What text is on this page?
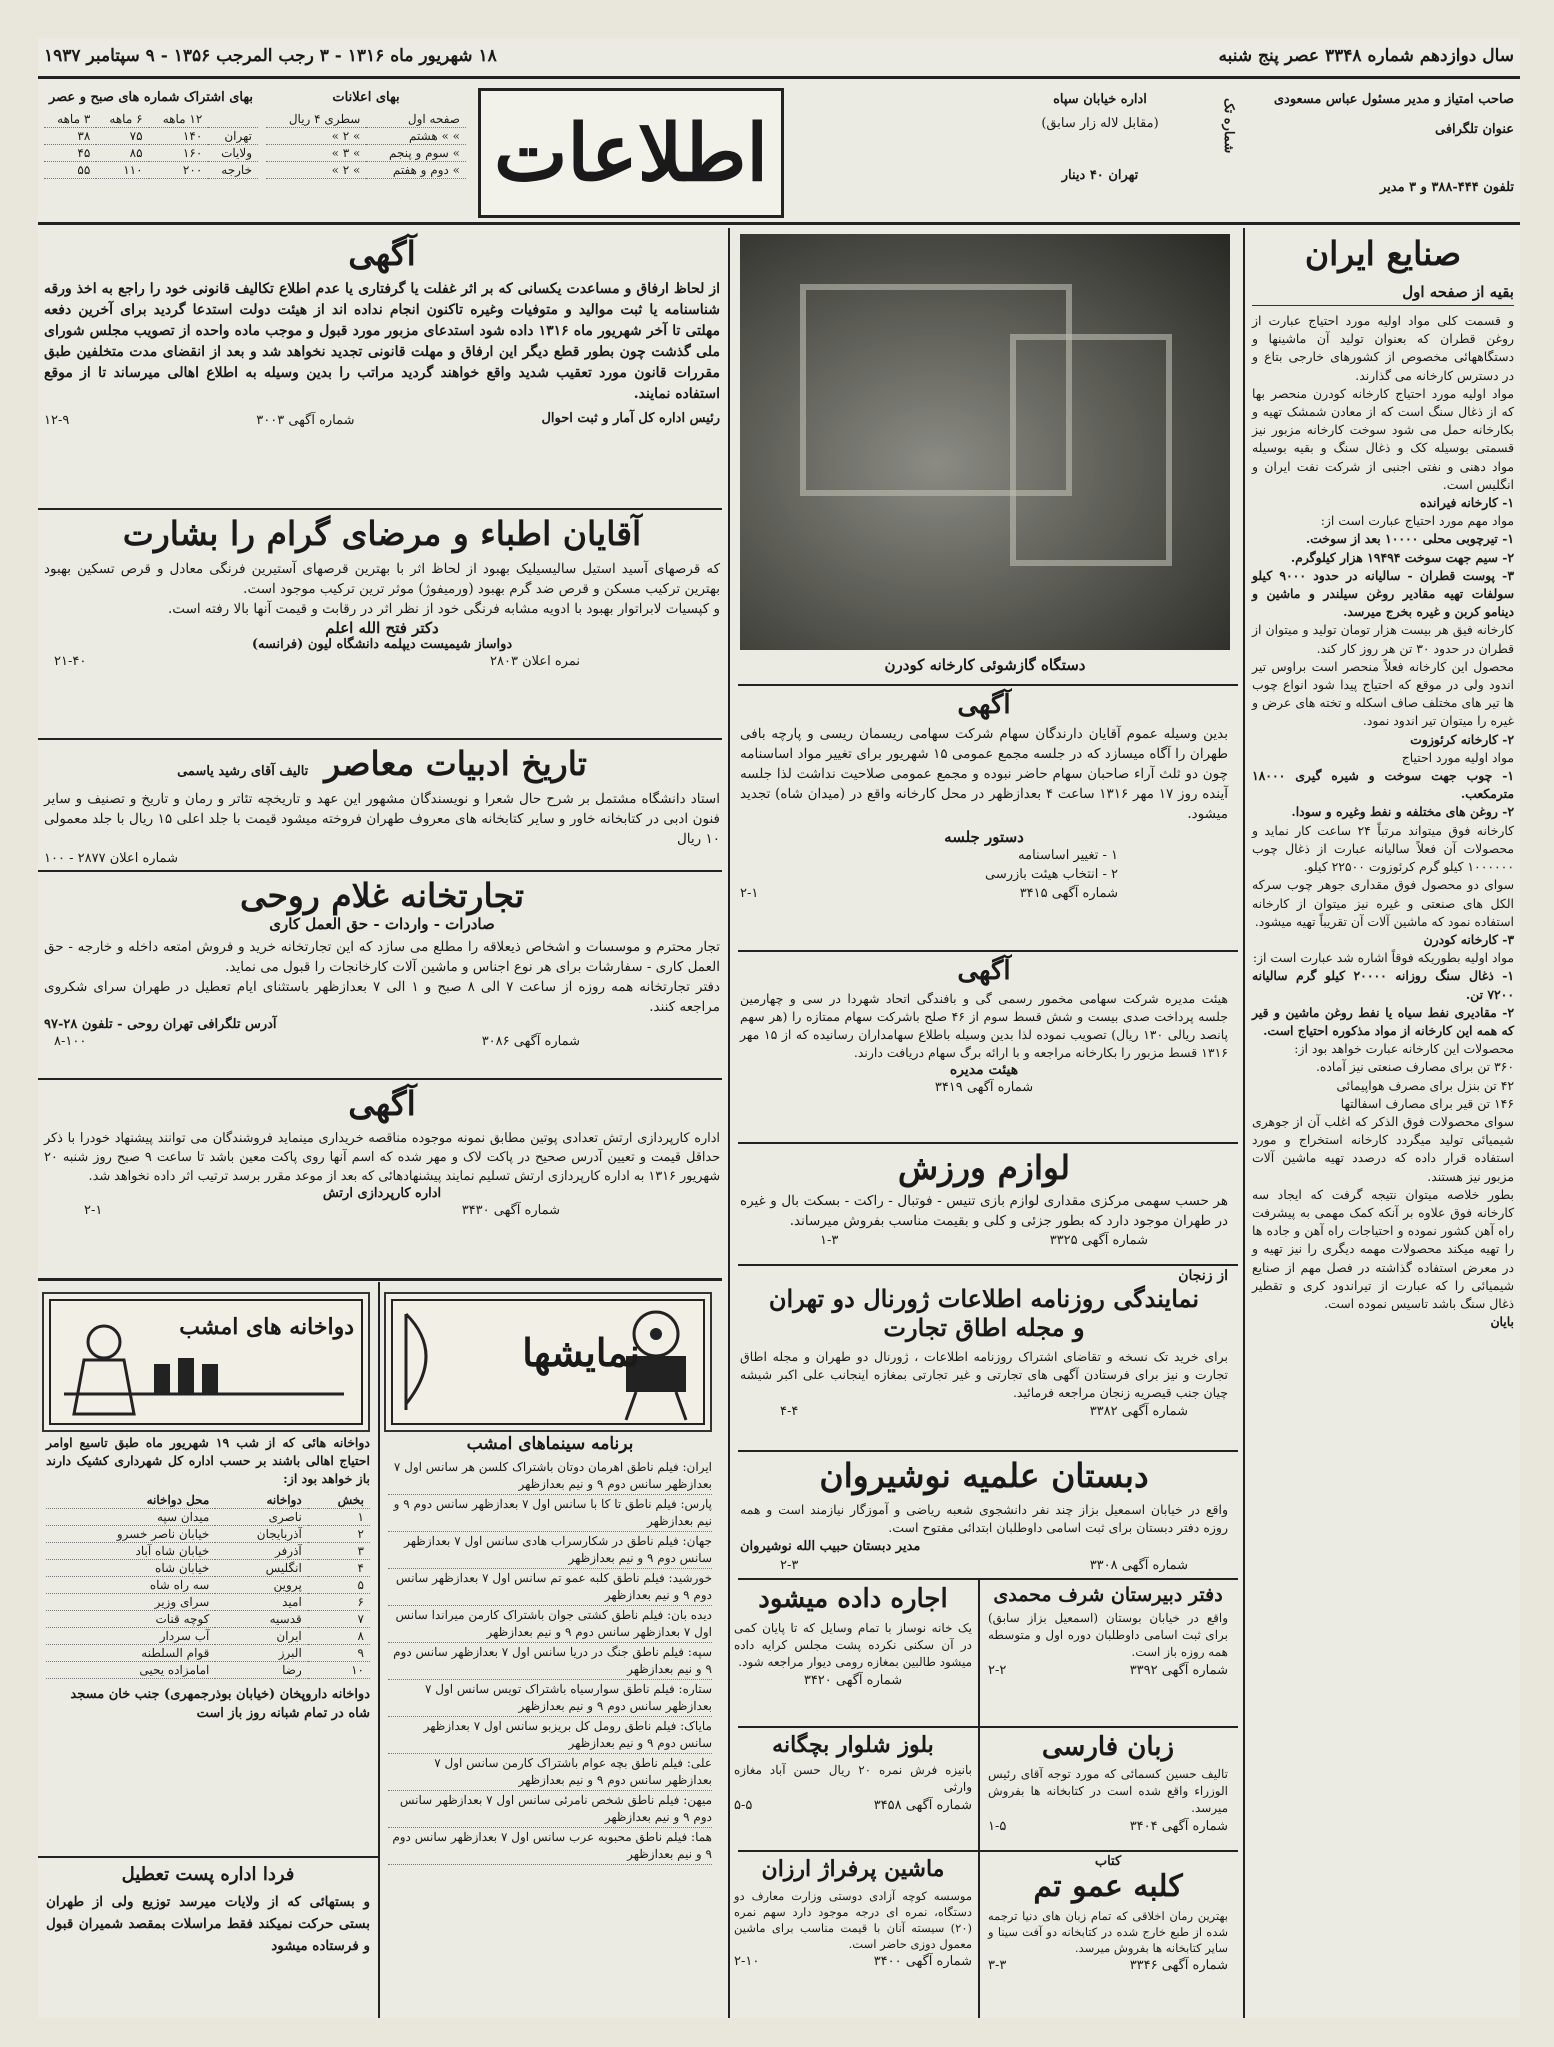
سال دوازدهم شماره ۳۳۴۸ عصر پنج شنبه
۱۸ شهریور ماه ۱۳۱۶ - ۳ رجب المرجب ۱۳۵۶ - ۹ سپتامبر ۱۹۳۷
صاحب امتیاز و مدیر مسئول عباس مسعودی
عنوان تلگرافی
تلفون ۴۴۴-۳۸۸ و ۳ مدیر
شماره تک
اداره خیابان سپاه
(مقابل لاله زار سابق)
تهران ۴۰ دینار
اطلاعات
بهای اعلانات
صفحه اول	سطری ۴ ریال
» » هشتم	» ۲ »
» سوم و پنجم	» ۳ »
» دوم و هفتم	» ۲ »
بهای اشتراک شماره های صبح و عصر
	۱۲ ماهه	۶ ماهه	۳ ماهه
تهران	۱۴۰	۷۵	۳۸
ولایات	۱۶۰	۸۵	۴۵
خارجه	۲۰۰	۱۱۰	۵۵
صنایع ایران
بقیه از صفحه اول
و قسمت کلی مواد اولیه مورد احتیاج عبارت از روغن قطران که بعنوان تولید آن ماشینها و دستگاههائی مخصوص از کشورهای خارجی بتاع و در دسترس کارخانه می گذارند.
مواد اولیه مورد احتیاج کارخانه کودرن منحصر بها که از ذغال سنگ است که از معادن شمشک تهیه و بکارخانه حمل می شود سوخت کارخانه مزبور نیز قسمتی بوسیله کک و ذغال سنگ و بقیه بوسیله مواد دهنی و نفتی اجنبی از شرکت نفت ایران و انگلیس است.
۱- کارخانه فیرانده
مواد مهم مورد احتیاج عبارت است از:
۱- تیرچوبی محلی ۱۰۰۰۰ بعد از سوخت.
۲- سیم جهت سوخت ۱۹۴۹۴ هزار کیلوگرم.
۳- پوست قطران - سالیانه در حدود ۹۰۰۰ کیلو سولفات تهیه مقادیر روغن سیلندر و ماشین و دینامو کربن و غیره بخرج میرسد.
کارخانه فیق هر بیست هزار تومان تولید و میتوان از قطران در حدود ۳۰ تن هر روز کار کند.
محصول این کارخانه فعلاً منحصر است براوس تیر اندود ولی در موقع که احتیاج پیدا شود انواع چوب ها تیر های مختلف صاف اسکله و تخته های عرض و غیره را میتوان تیر اندود نمود.
۲- کارخانه کرئوزوت
مواد اولیه مورد احتیاج
۱- چوب جهت سوخت و شیره گیری ۱۸۰۰۰ مترمکعب.
۲- روغن های مختلفه و نفط وغیره و سودا.
کارخانه فوق میتواند مرتباً ۲۴ ساعت کار نماید و محصولات آن فعلاً سالیانه عبارت از ذغال چوب ۱۰۰۰۰۰۰ کیلو گرم کرئوزوت ۲۲۵۰۰ کیلو.
سوای دو محصول فوق مقداری جوهر چوب سرکه الکل های صنعتی و غیره نیز میتوان از کارخانه استفاده نمود که ماشین آلات آن تقریباً تهیه میشود.
۳- کارخانه کودرن
مواد اولیه بطوریکه فوقاً اشاره شد عبارت است از:
۱- ذغال سنگ روزانه ۲۰۰۰۰ کیلو گرم سالیانه ۷۲۰۰ تن.
۲- مقادیری نفط سیاه یا نفط روغن ماشین و قیر که همه این کارخانه از مواد مذکوره احتیاج است.
محصولات این کارخانه عبارت خواهد بود از:
۳۶۰ تن برای مصارف صنعتی نیز آماده.
۴۲ تن بنزل برای مصرف هواپیمائی
۱۴۶ تن قیر برای مصارف اسفالتها
سوای محصولات فوق الذکر که اغلب آن از جوهری شیمیائی تولید میگردد کارخانه استخراج و مورد استفاده قرار داده که درصدد تهیه ماشین آلات مزبور نیز هستند.
بطور خلاصه میتوان نتیجه گرفت که ایجاد سه کارخانه فوق علاوه بر آنکه کمک مهمی به پیشرفت راه آهن کشور نموده و احتیاجات راه آهن و جاده ها را تهیه میکند محصولات مهمه دیگری را نیز تهیه و در معرض استفاده گذاشته در فصل مهم از صنایع شیمیائی را که عبارت از تیراندود کری و تقطیر ذغال سنگ باشد تاسیس نموده است.
بایان
دستگاه گازشوئی کارخانه کودرن
آگهی
بدین وسیله عموم آقایان دارندگان سهام شرکت سهامی ریسمان ریسی و پارچه بافی طهران را آگاه میسازد که در جلسه مجمع عمومی ۱۵ شهریور برای تغییر مواد اساسنامه چون دو ثلث آراء صاحبان سهام حاضر نبوده و مجمع عمومی صلاحیت نداشت لذا جلسه آینده روز ۱۷ مهر ۱۳۱۶ ساعت ۴ بعدازظهر در محل کارخانه واقع در (میدان شاه) تجدید میشود.
دستور جلسه
۱ - تغییر اساسنامه
۲ - انتخاب هیئت بازرسی
شماره آگهی ۳۴۱۵
۲-۱
آگهی
هیئت مدیره شرکت سهامی مخمور رسمی گی و بافندگی اتحاد شهردا در سی و چهارمین جلسه پرداخت صدی بیست و شش قسط سوم از ۴۶ صلح باشرکت سهام ممتازه را (هر سهم پانصد ریالی ۱۳۰ ریال) تصویب نموده لذا بدین وسیله باطلاع سهامداران رسانیده که از ۱۵ مهر ۱۳۱۶ قسط مزبور را بکارخانه مراجعه و با ارائه برگ سهام دریافت دارند.
هیئت مدیره
شماره آگهی ۳۴۱۹
لوازم ورزش
هر حسب سهمی مرکزی مقداری لوازم بازی تنیس - فوتبال - راکت - بسکت بال و غیره در طهران موجود دارد که بطور جزئی و کلی و بقیمت مناسب بفروش میرساند.
شماره آگهی ۳۳۲۵
۱-۳
از زنجان
نمایندگی روزنامه اطلاعات ژورنال دو تهران
و مجله اطاق تجارت
برای خرید تک نسخه و تقاضای اشتراک روزنامه اطلاعات ، ژورنال دو طهران و مجله اطاق تجارت و نیز برای فرستادن آگهی های تجارتی و غیر تجارتی بمغازه اینجانب علی اکبر شیشه چیان جنب قیصریه زنجان مراجعه فرمائید.
شماره آگهی ۳۳۸۲
۴-۴
دبستان علمیه نوشیروان
واقع در خیابان اسمعیل بزاز چند نفر دانشجوی شعبه ریاضی و آموزگار نیازمند است و همه روزه دفتر دبستان برای ثبت اسامی داوطلبان ابتدائی مفتوح است.
مدیر دبستان حبیب الله نوشیروان
شماره آگهی ۳۳۰۸
۲-۳
دفتر دبیرستان شرف محمدی
واقع در خیابان بوستان (اسمعیل بزاز سابق) برای ثبت اسامی داوطلبان دوره اول و متوسطه همه روزه باز است.
شماره آگهی ۳۳۹۲
۲-۲
اجاره داده میشود
یک خانه نوساز با تمام وسایل که تا پایان کمی در آن سکنی نکرده پشت مجلس کرایه داده میشود طالبین بمغازه رومی دیوار مراجعه شود.
شماره آگهی ۳۴۲۰
زبان فارسی
تالیف حسین کسمائی که مورد توجه آقای رئیس الوزراء واقع شده است در کتابخانه ها بفروش میرسد.
شماره آگهی ۳۴۰۴
۱-۵
بلوز شلوار بچگانه
بانیزه فرش نمره ۲۰ ریال حسن آباد مغازه وارثی
شماره آگهی ۳۴۵۸
۵-۵
کتاب
کلبه عمو تم
بهترین رمان اخلاقی که تمام زبان های دنیا ترجمه شده از طبع خارج شده در کتابخانه دو آفت سینا و سایر کتابخانه ها بفروش میرسد.
شماره آگهی ۳۳۴۶
۳-۳
ماشین پرفراژ ارزان
موسسه کوچه آزادی دوستی وزارت معارف دو دستگاه، نمره ای درجه موجود دارد سهم نمره (۲۰) سیسته آنان با قیمت مناسب برای ماشین معمول دوزی حاضر است.
شماره آگهی ۳۴۰۰
۲-۱۰
آگهی
از لحاظ ارفاق و مساعدت یکسانی که بر اثر غفلت یا گرفتاری یا عدم اطلاع تکالیف قانونی خود را راجع به اخذ ورقه شناسنامه یا ثبت موالید و متوفیات وغیره تاکنون انجام نداده اند از هیئت دولت استدعا گردید برای آخرین دفعه مهلتی تا آخر شهریور ماه ۱۳۱۶ داده شود استدعای مزبور مورد قبول و موجب ماده واحده از تصویب مجلس شورای ملی گذشت چون بطور قطع دیگر این ارفاق و مهلت قانونی تجدید نخواهد شد و بعد از انقضای مدت متخلفین طبق مقررات قانون مورد تعقیب شدید واقع خواهند گردید مراتب را بدین وسیله به اطلاع اهالی میرساند تا از موقع استفاده نمایند.
رئیس اداره کل آمار و ثبت احوال
شماره آگهی ۳۰۰۳
۱۲-۹
آقایان اطباء و مرضای گرام را بشارت
که قرصهای آسید استیل سالیسیلیک بهبود از لحاظ اثر با بهترین قرصهای آستیرین فرنگی معادل و قرص تسکین بهبود بهترین ترکیب مسکن و قرص ضد گرم بهبود (ورمیفوژ) موثر ترین ترکیب موجود است.
و کپسیات لابراتوار بهبود با ادویه مشابه فرنگی خود از نظر اثر در رقابت و قیمت آنها بالا رفته است.
دکتر فتح الله اعلم
دواساز شیمیست دیپلمه دانشگاه لیون (فرانسه)
نمره اعلان ۲۸۰۳
۲۱-۴۰
تاریخ ادبیات معاصر
تالیف آقای رشید یاسمی
استاد دانشگاه مشتمل بر شرح حال شعرا و نویسندگان مشهور این عهد و تاریخچه تئاتر و رمان و تاریخ و تصنیف و سایر فنون ادبی در کتابخانه خاور و سایر کتابخانه های معروف طهران فروخته میشود قیمت با جلد اعلی ۱۵ ریال با جلد معمولی ۱۰ ریال
شماره اعلان ۲۸۷۷ - ۱۰۰
تجارتخانه غلام روحی
صادرات - واردات - حق العمل کاری
تجار محترم و موسسات و اشخاص ذیعلاقه را مطلع می سازد که این تجارتخانه خرید و فروش امتعه داخله و خارجه - حق العمل کاری - سفارشات برای هر نوع اجناس و ماشین آلات کارخانجات را قبول می نماید.
دفتر تجارتخانه همه روزه از ساعت ۷ الی ۸ صبح و ۱ الی ۷ بعدازظهر باستثنای ایام تعطیل در طهران سرای شکروی مراجعه کنند.
آدرس تلگرافی تهران روحی - تلفون ۲۸-۹۷
شماره آگهی ۳۰۸۶
۸-۱۰۰
آگهی
اداره کارپردازی ارتش تعدادی پوتین مطابق نمونه موجوده مناقصه خریداری مینماید فروشندگان می توانند پیشنهاد خودرا با ذکر حداقل قیمت و تعیین آدرس صحیح در پاکت لاک و مهر شده که اسم آنها روی پاکت معین باشد تا ساعت ۹ صبح روز شنبه ۲۰ شهریور ۱۳۱۶ به اداره کارپردازی ارتش تسلیم نمایند پیشنهادهائی که بعد از موعد مقرر برسد ترتیب اثر داده نخواهد شد.
اداره کارپردازی ارتش
شماره آگهی ۳۴۳۰
۲-۱
نمایشها
برنامه سینماهای امشب
ایران: فیلم ناطق اهرمان دوتان باشتراک کلسن هر سانس اول ۷ بعدازظهر سانس دوم ۹ و نیم بعدازظهر
پارس: فیلم ناطق تا کا با سانس اول ۷ بعدازظهر سانس دوم ۹ و نیم بعدازظهر
جهان: فیلم ناطق در شکارسراب هادی سانس اول ۷ بعدازظهر سانس دوم ۹ و نیم بعدازظهر
خورشید: فیلم ناطق کلبه عمو تم سانس اول ۷ بعدازظهر سانس دوم ۹ و نیم بعدازظهر
دیده بان: فیلم ناطق کشتی جوان باشتراک کارمن میراندا سانس اول ۷ بعدازظهر سانس دوم ۹ و نیم بعدازظهر
سپه: فیلم ناطق جنگ در دریا سانس اول ۷ بعدازظهر سانس دوم ۹ و نیم بعدازظهر
ستاره: فیلم ناطق سوارسیاه باشتراک تویس سانس اول ۷ بعدازظهر سانس دوم ۹ و نیم بعدازظهر
مایاک: فیلم ناطق رومل کل بریزبو سانس اول ۷ بعدازظهر سانس دوم ۹ و نیم بعدازظهر
علی: فیلم ناطق بچه عوام باشتراک کارمن سانس اول ۷ بعدازظهر سانس دوم ۹ و نیم بعدازظهر
میهن: فیلم ناطق شخص نامرئی سانس اول ۷ بعدازظهر سانس دوم ۹ و نیم بعدازظهر
هما: فیلم ناطق محبوبه عرب سانس اول ۷ بعدازظهر سانس دوم ۹ و نیم بعدازظهر
دواخانه های امشب
دواخانه هائی که از شب ۱۹ شهریور ماه طبق تاسیع اوامر احتیاج اهالی باشند بر حسب اداره کل شهرداری کشیک دارند باز خواهد بود از:
بخش	دواخانه	محل دواخانه
۱	ناصری	میدان سپه
۲	آذربایجان	خیابان ناصر خسرو
۳	آذرفر	خیابان شاه آباد
۴	انگلیس	خیابان شاه
۵	پروین	سه راه شاه
۶	امید	سرای وزیر
۷	قدسیه	کوچه قنات
۸	ایران	آب سردار
۹	البرز	قوام السلطنه
۱۰	رضا	امامزاده یحیی
دواخانه داروپخان (خیابان بوذرجمهری) جنب خان مسجد شاه در تمام شبانه روز باز است
فردا اداره پست تعطیل
و بستهائی که از ولایات میرسد توزیع ولی از طهران بستی حرکت نمیکند فقط مراسلات بمقصد شمیران قبول و فرستاده میشود
